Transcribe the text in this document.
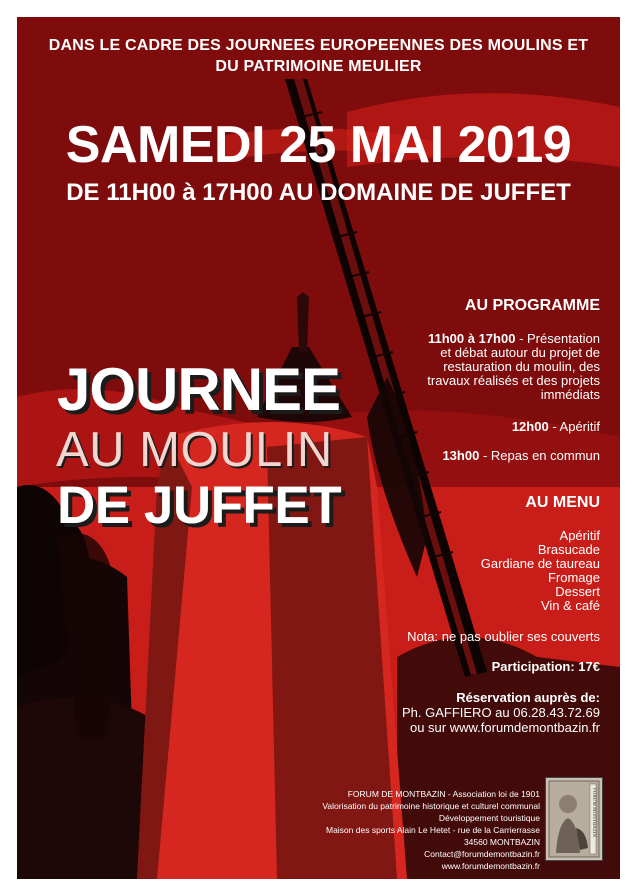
DANS LE CADRE DES JOURNEES EUROPEENNES DES MOULINS ET
DU PATRIMOINE MEULIER
SAMEDI 25 MAI 2019
DE 11H00 à 17H00 AU DOMAINE DE JUFFET
JOURNEE
AU MOULIN
DE JUFFET
AU PROGRAMME
11h00 à 17h00 - Présentation
et débat autour du projet de
restauration du moulin, des
travaux réalisés et des projets
immédiats
12h00 - Apéritif
13h00 - Repas en commun
AU MENU
Apéritif
Brasucade
Gardiane de taureau
Fromage
Dessert
Vin & café
Nota: ne pas oublier ses couverts
Participation: 17€
Réservation auprès de:
Ph. GAFFIERO au 06.28.43.72.69
ou sur www.forumdemontbazin.fr
FORUM DE MONTBAZIN - Association loi de 1901
Valorisation du patrimoine historique et culturel communal
Développement touristique
Maison des sports Alain Le Hetet - rue de la Carrierrasse
34560 MONTBAZIN
Contact@forumdemontbazin.fr
www.forumdemontbazin.fr
FORUM MONTBAZIN
